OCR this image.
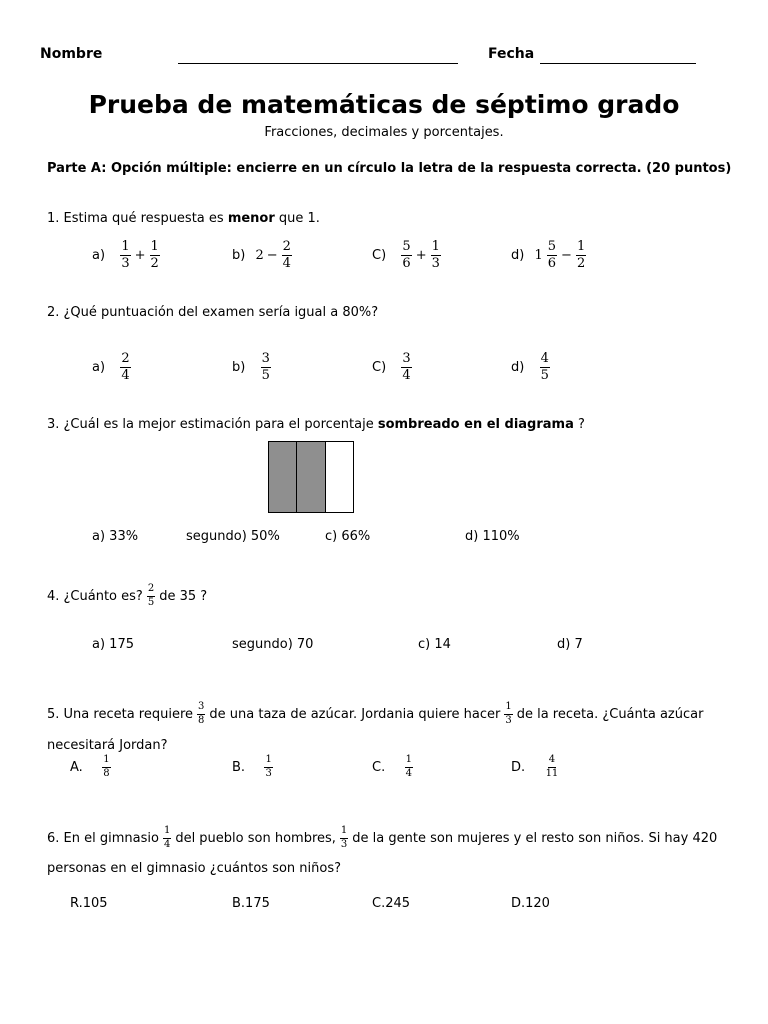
Nombre	Fecha
Prueba de matemáticas de séptimo grado
Fracciones, decimales y porcentajes.
Parte A: Opción múltiple: encierre en un círculo la letra de la respuesta correcta. (20 puntos)
1. Estima qué respuesta es menor que 1.
a)
$\frac{1}{3} + \frac{1}{2}$	b)
$2 - \frac{2}{4}$	C)
$\frac{5}{6} + \frac{1}{3}$	d)
$1 \frac{5}{6} - \frac{1}{2}$
2. ¿Qué puntuación del examen sería igual a 80%?
a)
$\frac{2}{4}$	b)
$\frac{3}{5}$	C)
$\frac{3}{4}$	d)
$\frac{4}{5}$
3. ¿Cuál es la mejor estimación para el porcentaje sombreado en el diagrama ?
a) 33%	segundo) 50%	c) 66%	d) 110%
4. ¿Cuánto es? $\frac{2}{5}$ de 35 ?
a) 175	segundo) 70	c) 14	d) 7
5. Una receta requiere $\frac{3}{8}$ de una taza de azúcar. Jordania quiere hacer $\frac{1}{3}$ de la receta. ¿Cuánta azúcar
necesitará Jordan?
A.
$\frac{1}{8}$	B.
$\frac{1}{3}$	C.
$\frac{1}{4}$	D.
$\frac{4}{11}$
6. En el gimnasio $\frac{1}{4}$ del pueblo son hombres, $\frac{1}{3}$ de la gente son mujeres y el resto son niños. Si hay 420
personas en el gimnasio ¿cuántos son niños?
R.105	B.175	C.245	D.120
